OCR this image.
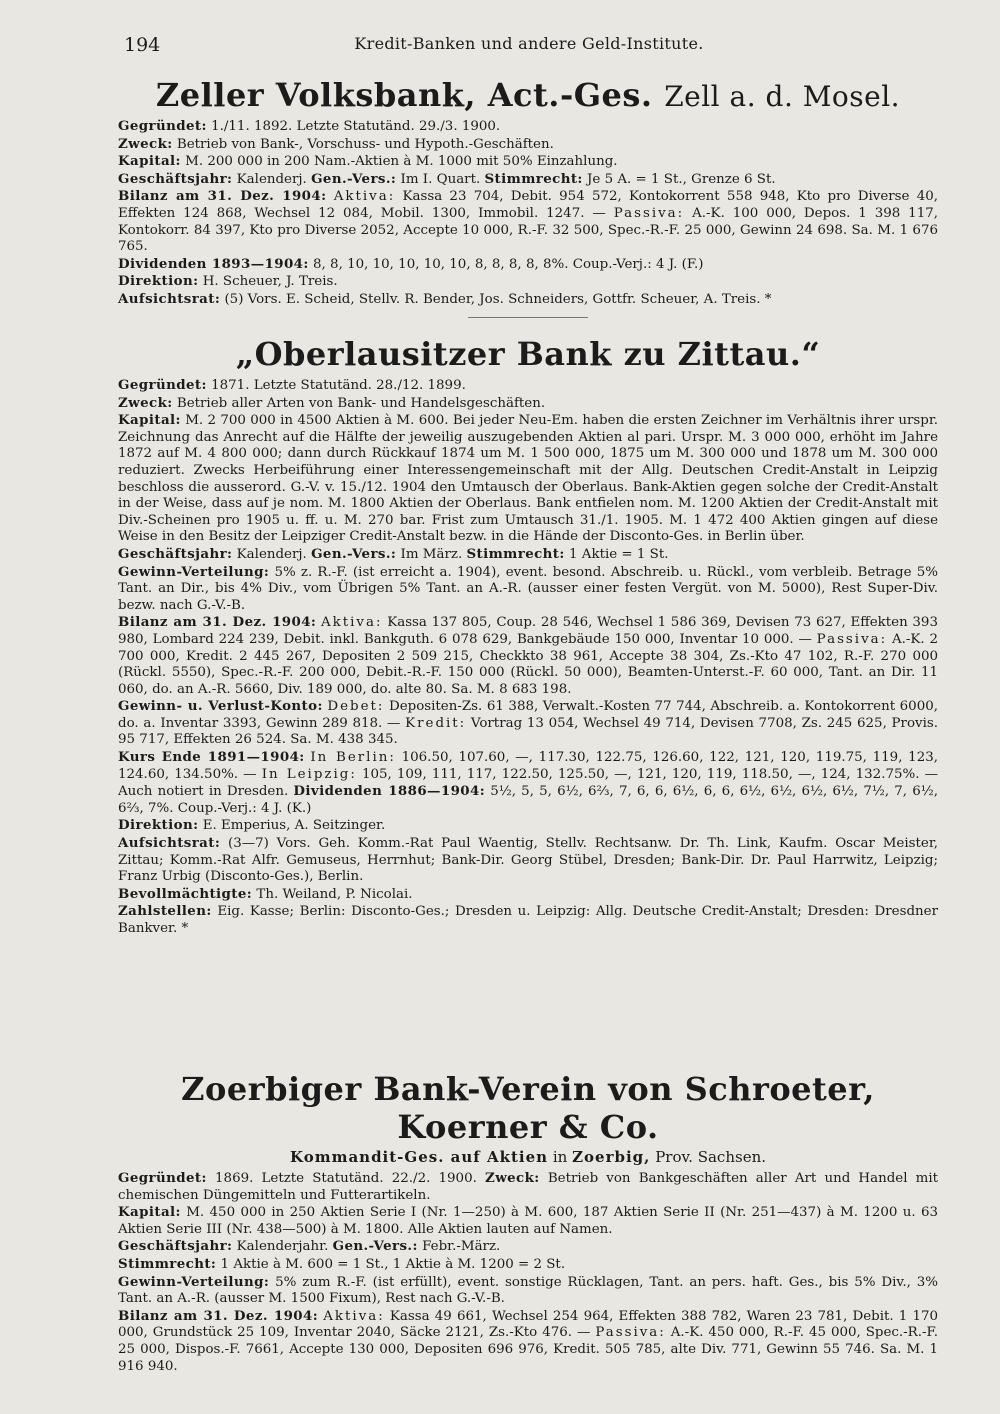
194	Kredit-Banken und andere Geld-Institute.
Zeller Volksbank, Act.-Ges. Zell a. d. Mosel.

Gegründet: 1./11. 1892. Letzte Statutänd. 29./3. 1900.

Zweck: Betrieb von Bank-, Vorschuss- und Hypoth.-Geschäften.

Kapital: M. 200 000 in 200 Nam.-Aktien à M. 1000 mit 50% Einzahlung.

Geschäftsjahr: Kalenderj. Gen.-Vers.: Im I. Quart. Stimmrecht: Je 5 A. = 1 St., Grenze 6 St.

Bilanz am 31. Dez. 1904: Aktiva: Kassa 23 704, Debit. 954 572, Kontokorrent 558 948, Kto pro Diverse 40, Effekten 124 868, Wechsel 12 084, Mobil. 1300, Immobil. 1247. — Passiva: A.-K. 100 000, Depos. 1 398 117, Kontokorr. 84 397, Kto pro Diverse 2052, Accepte 10 000, R.-F. 32 500, Spec.-R.-F. 25 000, Gewinn 24 698. Sa. M. 1 676 765.

Dividenden 1893—1904: 8, 8, 10, 10, 10, 10, 10, 8, 8, 8, 8, 8%. Coup.-Verj.: 4 J. (F.)

Direktion: H. Scheuer, J. Treis.

Aufsichtsrat: (5) Vors. E. Scheid, Stellv. R. Bender, Jos. Schneiders, Gottfr. Scheuer, A. Treis. *

„Oberlausitzer Bank zu Zittau.“

Gegründet: 1871. Letzte Statutänd. 28./12. 1899.

Zweck: Betrieb aller Arten von Bank- und Handelsgeschäften.

Kapital: M. 2 700 000 in 4500 Aktien à M. 600. Bei jeder Neu-Em. haben die ersten Zeichner im Verhältnis ihrer urspr. Zeichnung das Anrecht auf die Hälfte der jeweilig auszugebenden Aktien al pari. Urspr. M. 3 000 000, erhöht im Jahre 1872 auf M. 4 800 000; dann durch Rückkauf 1874 um M. 1 500 000, 1875 um M. 300 000 und 1878 um M. 300 000 reduziert. Zwecks Herbeiführung einer Interessengemeinschaft mit der Allg. Deutschen Credit-Anstalt in Leipzig beschloss die ausserord. G.-V. v. 15./12. 1904 den Umtausch der Oberlaus. Bank-Aktien gegen solche der Credit-Anstalt in der Weise, dass auf je nom. M. 1800 Aktien der Oberlaus. Bank entfielen nom. M. 1200 Aktien der Credit-Anstalt mit Div.-Scheinen pro 1905 u. ff. u. M. 270 bar. Frist zum Umtausch 31./1. 1905. M. 1 472 400 Aktien gingen auf diese Weise in den Besitz der Leipziger Credit-Anstalt bezw. in die Hände der Disconto-Ges. in Berlin über.

Geschäftsjahr: Kalenderj. Gen.-Vers.: Im März. Stimmrecht: 1 Aktie = 1 St.

Gewinn-Verteilung: 5% z. R.-F. (ist erreicht a. 1904), event. besond. Abschreib. u. Rückl., vom verbleib. Betrage 5% Tant. an Dir., bis 4% Div., vom Übrigen 5% Tant. an A.-R. (ausser einer festen Vergüt. von M. 5000), Rest Super-Div. bezw. nach G.-V.-B.

Bilanz am 31. Dez. 1904: Aktiva: Kassa 137 805, Coup. 28 546, Wechsel 1 586 369, Devisen 73 627, Effekten 393 980, Lombard 224 239, Debit. inkl. Bankguth. 6 078 629, Bankgebäude 150 000, Inventar 10 000. — Passiva: A.-K. 2 700 000, Kredit. 2 445 267, Depositen 2 509 215, Checkkto 38 961, Accepte 38 304, Zs.-Kto 47 102, R.-F. 270 000 (Rückl. 5550), Spec.-R.-F. 200 000, Debit.-R.-F. 150 000 (Rückl. 50 000), Beamten-Unterst.-F. 60 000, Tant. an Dir. 11 060, do. an A.-R. 5660, Div. 189 000, do. alte 80. Sa. M. 8 683 198.

Gewinn- u. Verlust-Konto: Debet: Depositen-Zs. 61 388, Verwalt.-Kosten 77 744, Abschreib. a. Kontokorrent 6000, do. a. Inventar 3393, Gewinn 289 818. — Kredit: Vortrag 13 054, Wechsel 49 714, Devisen 7708, Zs. 245 625, Provis. 95 717, Effekten 26 524. Sa. M. 438 345.

Kurs Ende 1891—1904: In Berlin: 106.50, 107.60, —, 117.30, 122.75, 126.60, 122, 121, 120, 119.75, 119, 123, 124.60, 134.50%. — In Leipzig: 105, 109, 111, 117, 122.50, 125.50, —, 121, 120, 119, 118.50, —, 124, 132.75%. — Auch notiert in Dresden. Dividenden 1886—1904: 5½, 5, 5, 6½, 6⅔, 7, 6, 6, 6½, 6, 6, 6½, 6½, 6½, 6½, 7½, 7, 6½, 6⅔, 7%. Coup.-Verj.: 4 J. (K.)

Direktion: E. Emperius, A. Seitzinger.

Aufsichtsrat: (3—7) Vors. Geh. Komm.-Rat Paul Waentig, Stellv. Rechtsanw. Dr. Th. Link, Kaufm. Oscar Meister, Zittau; Komm.-Rat Alfr. Gemuseus, Herrnhut; Bank-Dir. Georg Stübel, Dresden; Bank-Dir. Dr. Paul Harrwitz, Leipzig; Franz Urbig (Disconto-Ges.), Berlin.

Bevollmächtigte: Th. Weiland, P. Nicolai.

Zahlstellen: Eig. Kasse; Berlin: Disconto-Ges.; Dresden u. Leipzig: Allg. Deutsche Credit-Anstalt; Dresden: Dresdner Bankver. *

Zoerbiger Bank-Verein von Schroeter, Koerner & Co.
Kommandit-Ges. auf Aktien in Zoerbig, Prov. Sachsen.

Gegründet: 1869. Letzte Statutänd. 22./2. 1900. Zweck: Betrieb von Bankgeschäften aller Art und Handel mit chemischen Düngemitteln und Futterartikeln.

Kapital: M. 450 000 in 250 Aktien Serie I (Nr. 1—250) à M. 600, 187 Aktien Serie II (Nr. 251—437) à M. 1200 u. 63 Aktien Serie III (Nr. 438—500) à M. 1800. Alle Aktien lauten auf Namen.

Geschäftsjahr: Kalenderjahr. Gen.-Vers.: Febr.-März.

Stimmrecht: 1 Aktie à M. 600 = 1 St., 1 Aktie à M. 1200 = 2 St.

Gewinn-Verteilung: 5% zum R.-F. (ist erfüllt), event. sonstige Rücklagen, Tant. an pers. haft. Ges., bis 5% Div., 3% Tant. an A.-R. (ausser M. 1500 Fixum), Rest nach G.-V.-B.

Bilanz am 31. Dez. 1904: Aktiva: Kassa 49 661, Wechsel 254 964, Effekten 388 782, Waren 23 781, Debit. 1 170 000, Grundstück 25 109, Inventar 2040, Säcke 2121, Zs.-Kto 476. — Passiva: A.-K. 450 000, R.-F. 45 000, Spec.-R.-F. 25 000, Dispos.-F. 7661, Accepte 130 000, Depositen 696 976, Kredit. 505 785, alte Div. 771, Gewinn 55 746. Sa. M. 1 916 940.
